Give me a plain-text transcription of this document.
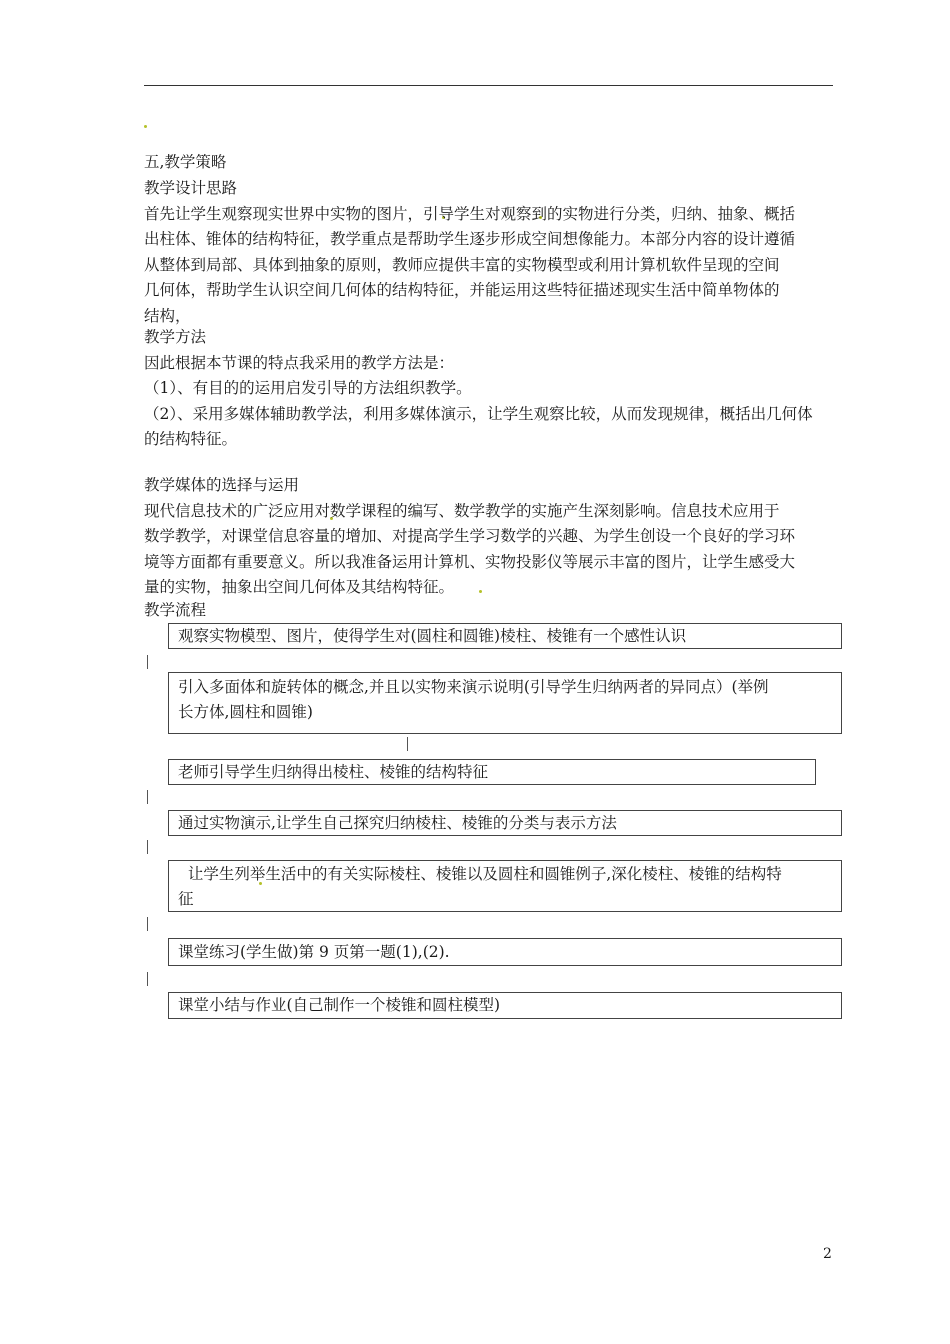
五,教学策略

教学设计思路

首先让学生观察现实世界中实物的图片，引导学生对观察到的实物进行分类，归纳、抽象、概括

出柱体、锥体的结构特征，教学重点是帮助学生逐步形成空间想像能力。本部分内容的设计遵循

从整体到局部、具体到抽象的原则，教师应提供丰富的实物模型或利用计算机软件呈现的空间

几何体，帮助学生认识空间几何体的结构特征，并能运用这些特征描述现实生活中简单物体的

结构，

教学方法

因此根据本节课的特点我采用的教学方法是：

（1）、有目的的运用启发引导的方法组织教学。

（2）、采用多媒体辅助教学法，利用多媒体演示，让学生观察比较，从而发现规律，概括出几何体

的结构特征。

教学媒体的选择与运用

现代信息技术的广泛应用对数学课程的编写、数学教学的实施产生深刻影响。信息技术应用于

数学教学，对课堂信息容量的增加、对提高学生学习数学的兴趣、为学生创设一个良好的学习环

境等方面都有重要意义。所以我准备运用计算机、实物投影仪等展示丰富的图片，让学生感受大

量的实物，抽象出空间几何体及其结构特征。

教学流程

观察实物模型、图片，使得学生对(圆柱和圆锥)棱柱、棱锥有一个感性认识
引入多面体和旋转体的概念,并且以实物来演示说明(引导学生归纳两者的异同点）(举例
长方体,圆柱和圆锥)
老师引导学生归纳得出棱柱、棱锥的结构特征
通过实物演示,让学生自己探究归纳棱柱、棱锥的分类与表示方法
让学生列举生活中的有关实际棱柱、棱锥以及圆柱和圆锥例子,深化棱柱、棱锥的结构特
征
课堂练习(学生做)第 9 页第一题(1),(2).
课堂小结与作业(自己制作一个棱锥和圆柱模型)
2
